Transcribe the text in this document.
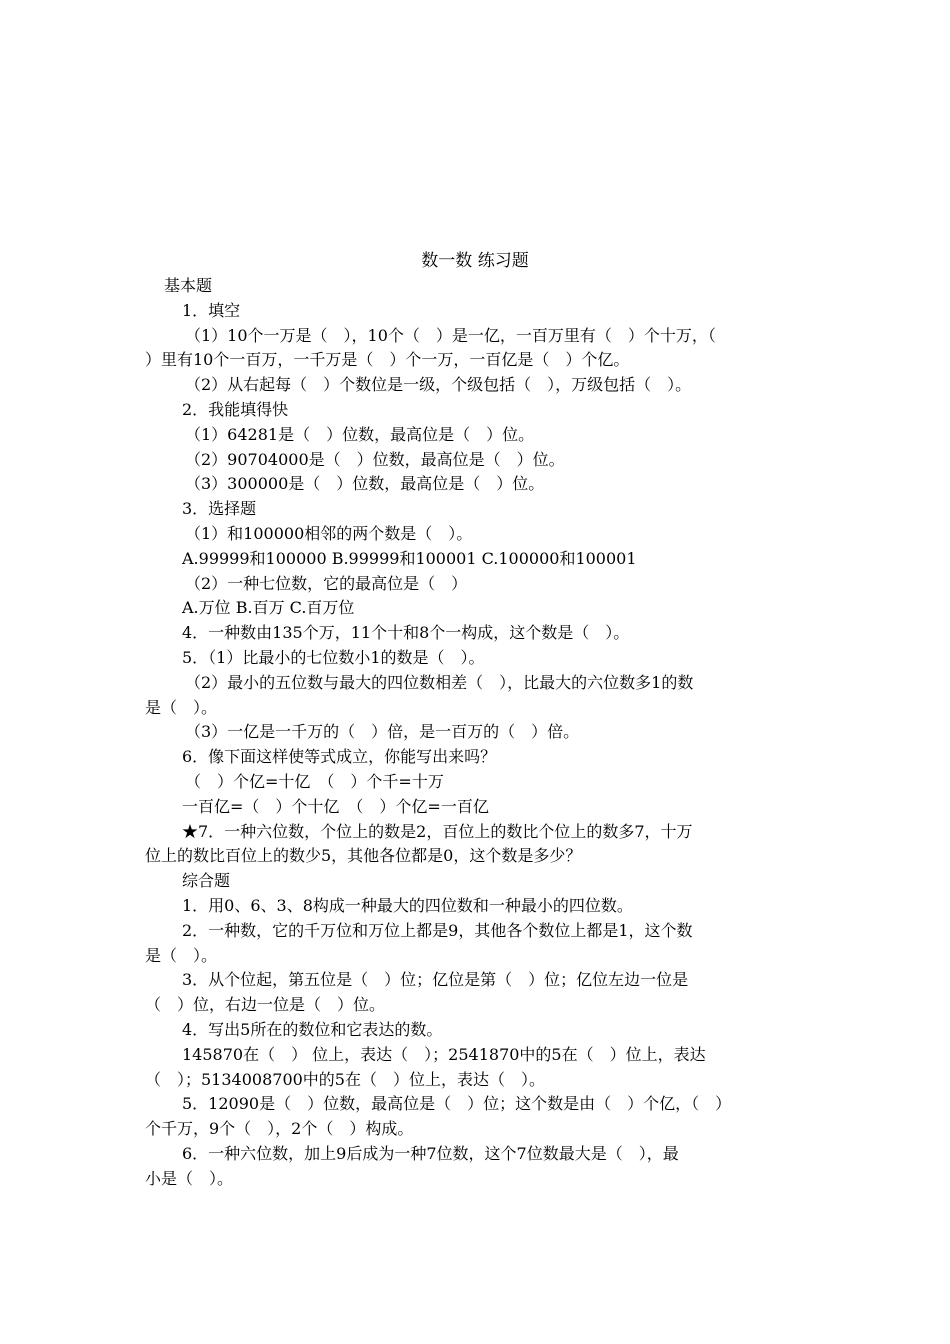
数一数 练习题
基本题
1．填空
（1）10个一万是（　），10个（　）是一亿，一百万里有（　）个十万，（
）里有10个一百万，一千万是（　）个一万，一百亿是（　）个亿。
（2）从右起每（　）个数位是一级，个级包括（　），万级包括（　）。
2．我能填得快
（1）64281是（　）位数，最高位是（　）位。
（2）90704000是（　）位数，最高位是（　）位。
（3）300000是（　）位数，最高位是（　）位。
3．选择题
（1）和100000相邻的两个数是（　）。
A.99999和100000 B.99999和100001 C.100000和100001
（2）一种七位数，它的最高位是（　）
A.万位 B.百万 C.百万位
4．一种数由135个万，11个十和8个一构成，这个数是（　）。
5．（1）比最小的七位数小1的数是（　）。
（2）最小的五位数与最大的四位数相差（　），比最大的六位数多1的数
是（　）。
（3）一亿是一千万的（　）倍，是一百万的（　）倍。
6．像下面这样使等式成立，你能写出来吗？
（　）个亿=十亿　（　）个千=十万
一百亿=（　）个十亿　（　）个亿=一百亿
★7．一种六位数，个位上的数是2，百位上的数比个位上的数多7，十万
位上的数比百位上的数少5，其他各位都是0，这个数是多少？
综合题
1．用0、6、3、8构成一种最大的四位数和一种最小的四位数。
2．一种数，它的千万位和万位上都是9，其他各个数位上都是1，这个数
是（　）。
3．从个位起，第五位是（　）位；亿位是第（　）位；亿位左边一位是
（　）位，右边一位是（　）位。
4．写出5所在的数位和它表达的数。
145870在（　） 位上，表达（　）；2541870中的5在（　）位上，表达
（　）；5134008700中的5在（　）位上，表达（　）。
5．12090是（　）位数，最高位是（　）位；这个数是由（　）个亿，（　）
个千万，9个（　），2个（　）构成。
6．一种六位数，加上9后成为一种7位数，这个7位数最大是（　），最
小是（　）。
